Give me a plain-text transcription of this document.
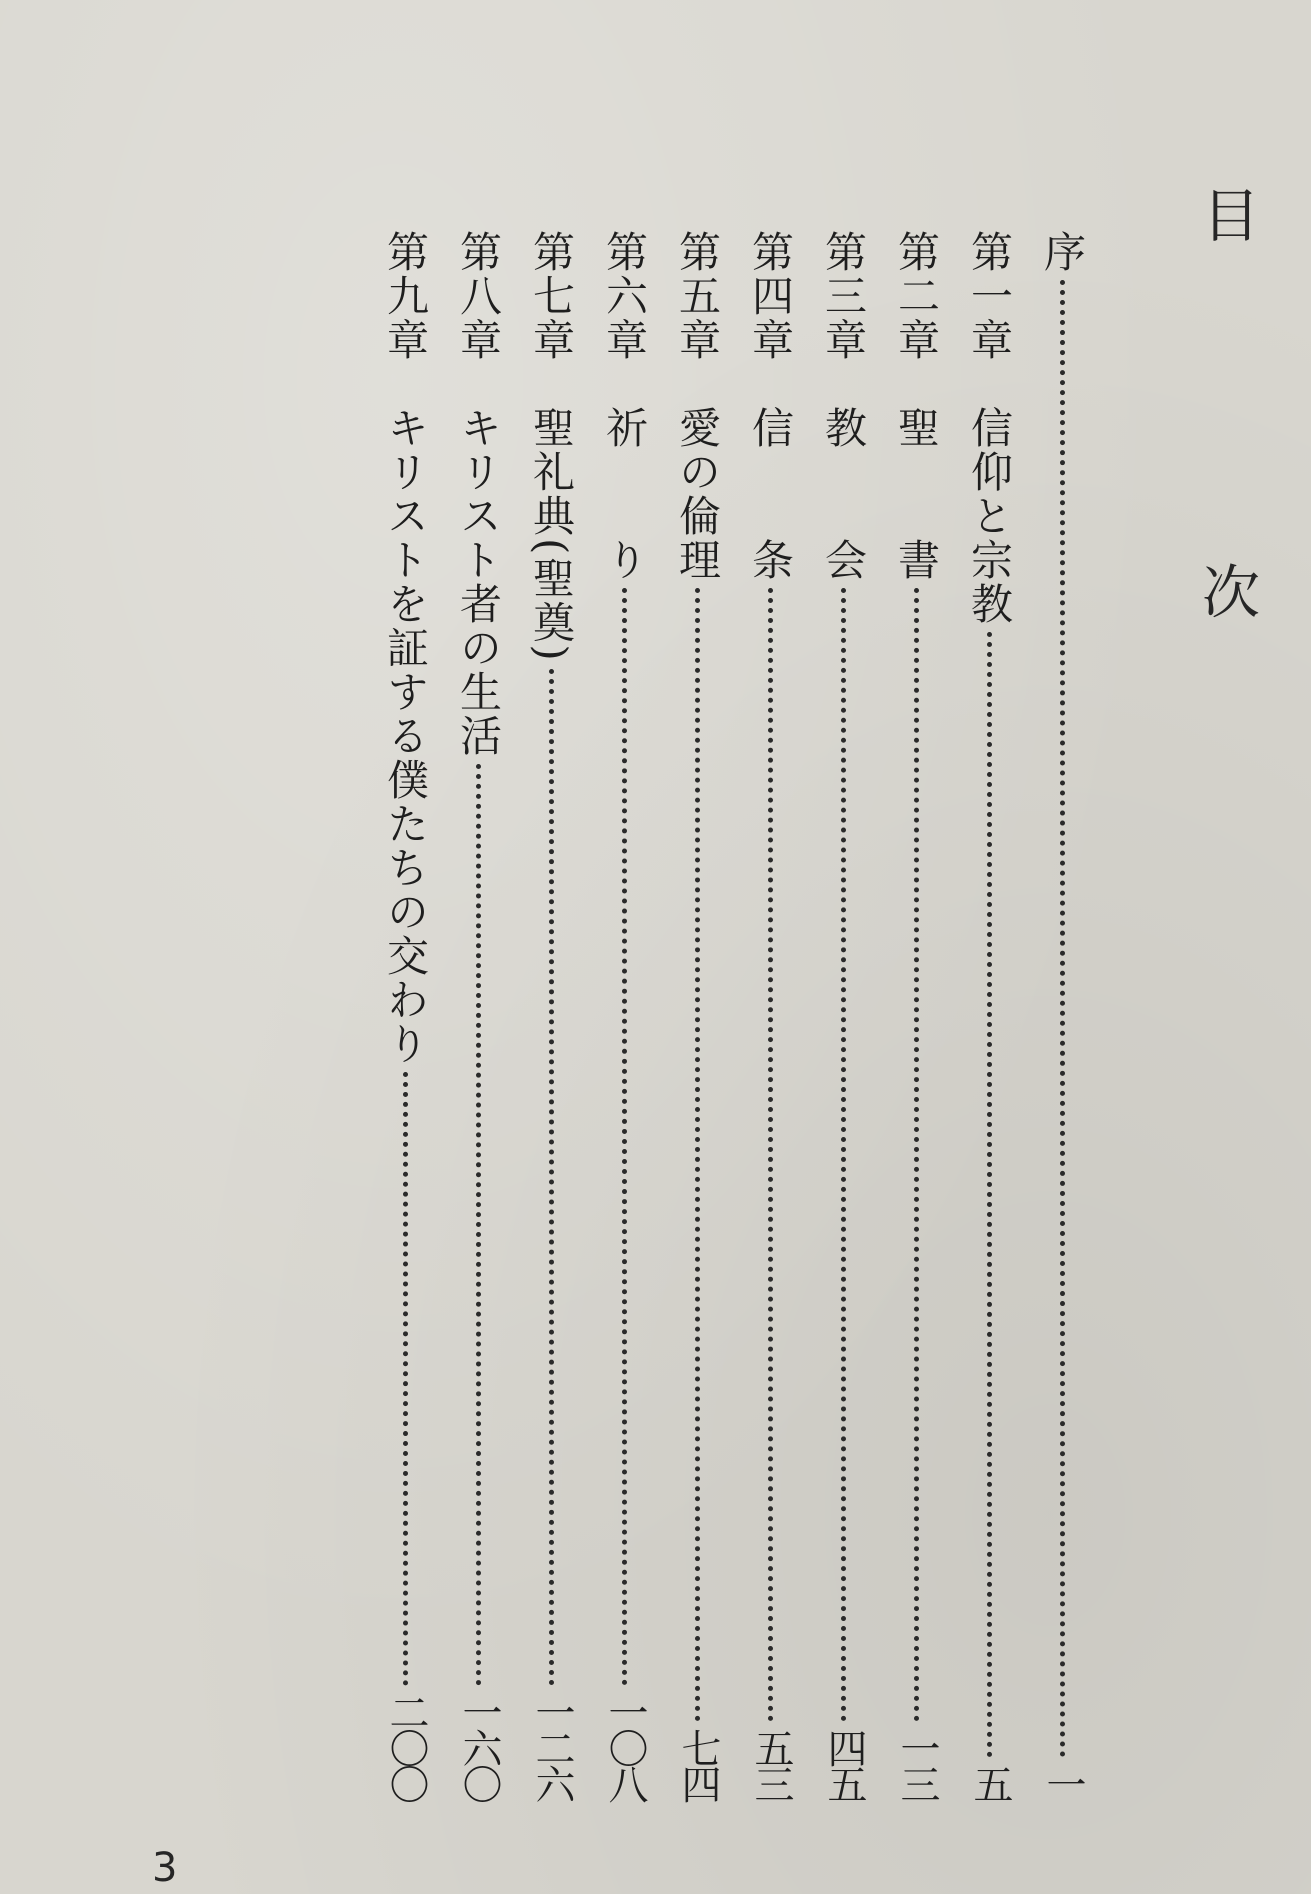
目 次
序
一
第一章　信仰と宗教
五
第二章　聖　　書
一三
第三章　教　　会
四五
第四章　信　　条
五三
第五章　愛の倫理
七四
第六章　祈　　り
一〇八
第七章　聖礼典(聖奠)
一二六
第八章　キリスト者の生活
一六〇
第九章　キリストを証する僕たちの交わり
二〇〇
3
